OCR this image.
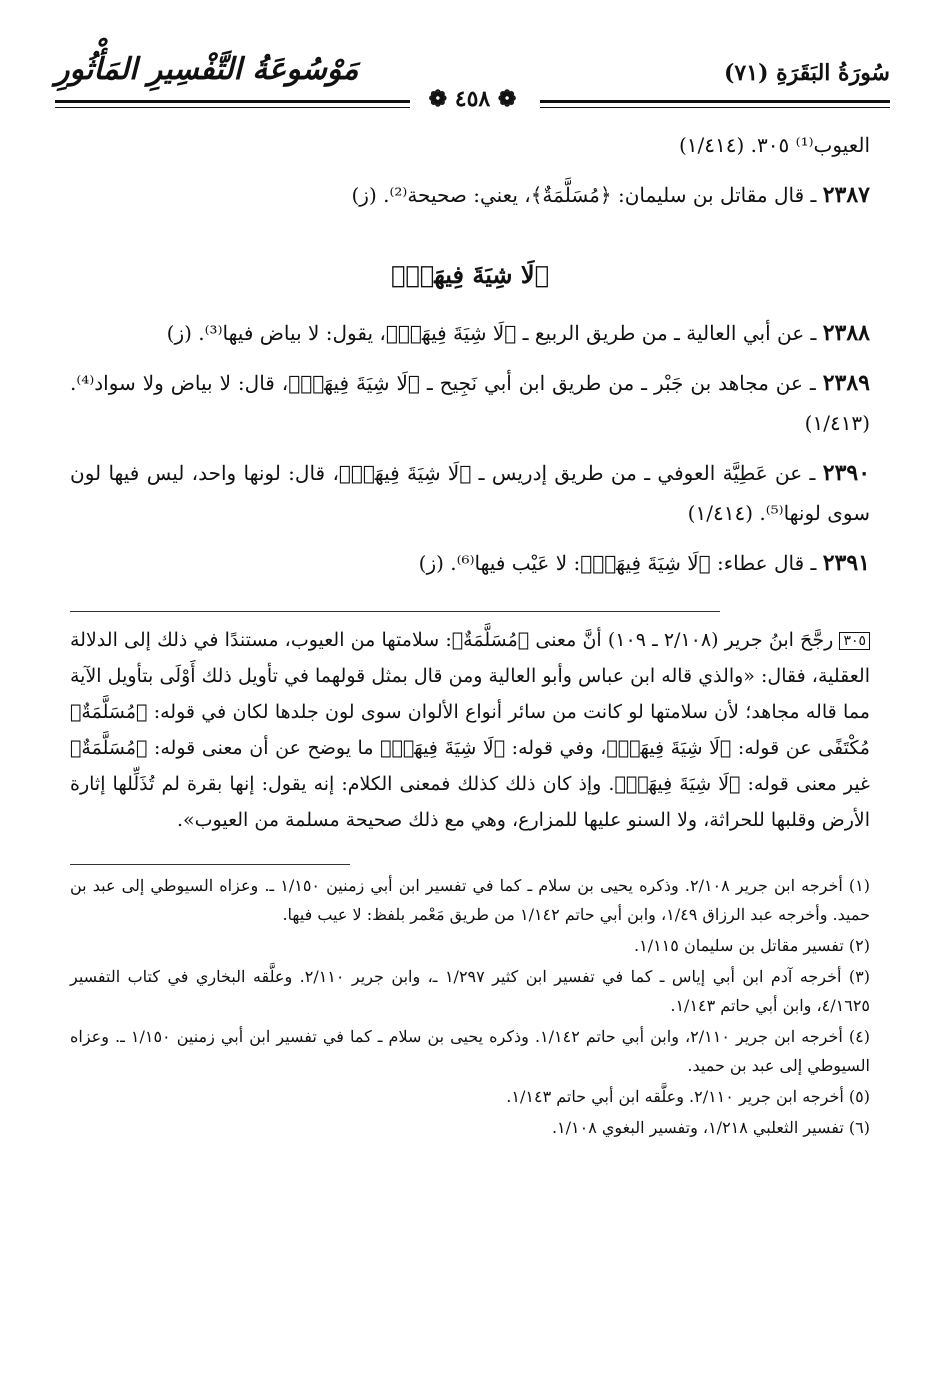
سُورَةُ البَقَرَةِ (٧١)
مَوْسُوعَةُ التَّفْسِيرِ المَأْثُورِ
❁ ٤٥٨ ❁

العيوب⁽¹⁾ ٣٠٥. (١/٤١٤)

٢٣٨٧ ـ قال مقاتل بن سليمان: ﴿مُسَلَّمَةٌ﴾، يعني: صحيحة⁽²⁾. (ز)

﴿لَا شِيَةَ فِيهَاۚ﴾

٢٣٨٨ ـ عن أبي العالية ـ من طريق الربيع ـ ﴿لَا شِيَةَ فِيهَاۚ﴾، يقول: لا بياض فيها⁽³⁾. (ز)

٢٣٨٩ ـ عن مجاهد بن جَبْر ـ من طريق ابن أبي نَجِيح ـ ﴿لَا شِيَةَ فِيهَاۚ﴾، قال: لا بياض ولا سواد⁽⁴⁾. (١/٤١٣)

٢٣٩٠ ـ عن عَطِيَّة العوفي ـ من طريق إدريس ـ ﴿لَا شِيَةَ فِيهَاۚ﴾، قال: لونها واحد، ليس فيها لون سوى لونها⁽⁵⁾. (١/٤١٤)

٢٣٩١ ـ قال عطاء: ﴿لَا شِيَةَ فِيهَاۚ﴾: لا عَيْب فيها⁽⁶⁾. (ز)

٣٠٥ رجَّحَ ابنُ جرير (٢/١٠٨ ـ ١٠٩) أنَّ معنى ﴿مُسَلَّمَةٌ﴾: سلامتها من العيوب، مستندًا في ذلك إلى الدلالة العقلية، فقال: «والذي قاله ابن عباس وأبو العالية ومن قال بمثل قولهما في تأويل ذلك أَوْلَى بتأويل الآية مما قاله مجاهد؛ لأن سلامتها لو كانت من سائر أنواع الألوان سوى لون جلدها لكان في قوله: ﴿مُسَلَّمَةٌ﴾ مُكْتَفًى عن قوله: ﴿لَا شِيَةَ فِيهَاۚ﴾، وفي قوله: ﴿لَا شِيَةَ فِيهَاۚ﴾ ما يوضح عن أن معنى قوله: ﴿مُسَلَّمَةٌ﴾ غير معنى قوله: ﴿لَا شِيَةَ فِيهَاۚ﴾. وإذ كان ذلك كذلك فمعنى الكلام: إنه يقول: إنها بقرة لم تُذَلِّلها إثارة الأرض وقلبها للحراثة، ولا السنو عليها للمزارع، وهي مع ذلك صحيحة مسلمة من العيوب».

(١) أخرجه ابن جرير ٢/١٠٨. وذكره يحيى بن سلام ـ كما في تفسير ابن أبي زمنين ١/١٥٠ ـ. وعزاه السيوطي إلى عبد بن حميد. وأخرجه عبد الرزاق ١/٤٩، وابن أبي حاتم ١/١٤٢ من طريق مَعْمر بلفظ: لا عيب فيها.

(٢) تفسير مقاتل بن سليمان ١/١١٥.

(٣) أخرجه آدم ابن أبي إياس ـ كما في تفسير ابن كثير ١/٢٩٧ ـ، وابن جرير ٢/١١٠. وعلَّقه البخاري في كتاب التفسير ٤/١٦٢٥، وابن أبي حاتم ١/١٤٣.

(٤) أخرجه ابن جرير ٢/١١٠، وابن أبي حاتم ١/١٤٢. وذكره يحيى بن سلام ـ كما في تفسير ابن أبي زمنين ١/١٥٠ ـ. وعزاه السيوطي إلى عبد بن حميد.

(٥) أخرجه ابن جرير ٢/١١٠. وعلَّقه ابن أبي حاتم ١/١٤٣.

(٦) تفسير الثعلبي ١/٢١٨، وتفسير البغوي ١/١٠٨.
